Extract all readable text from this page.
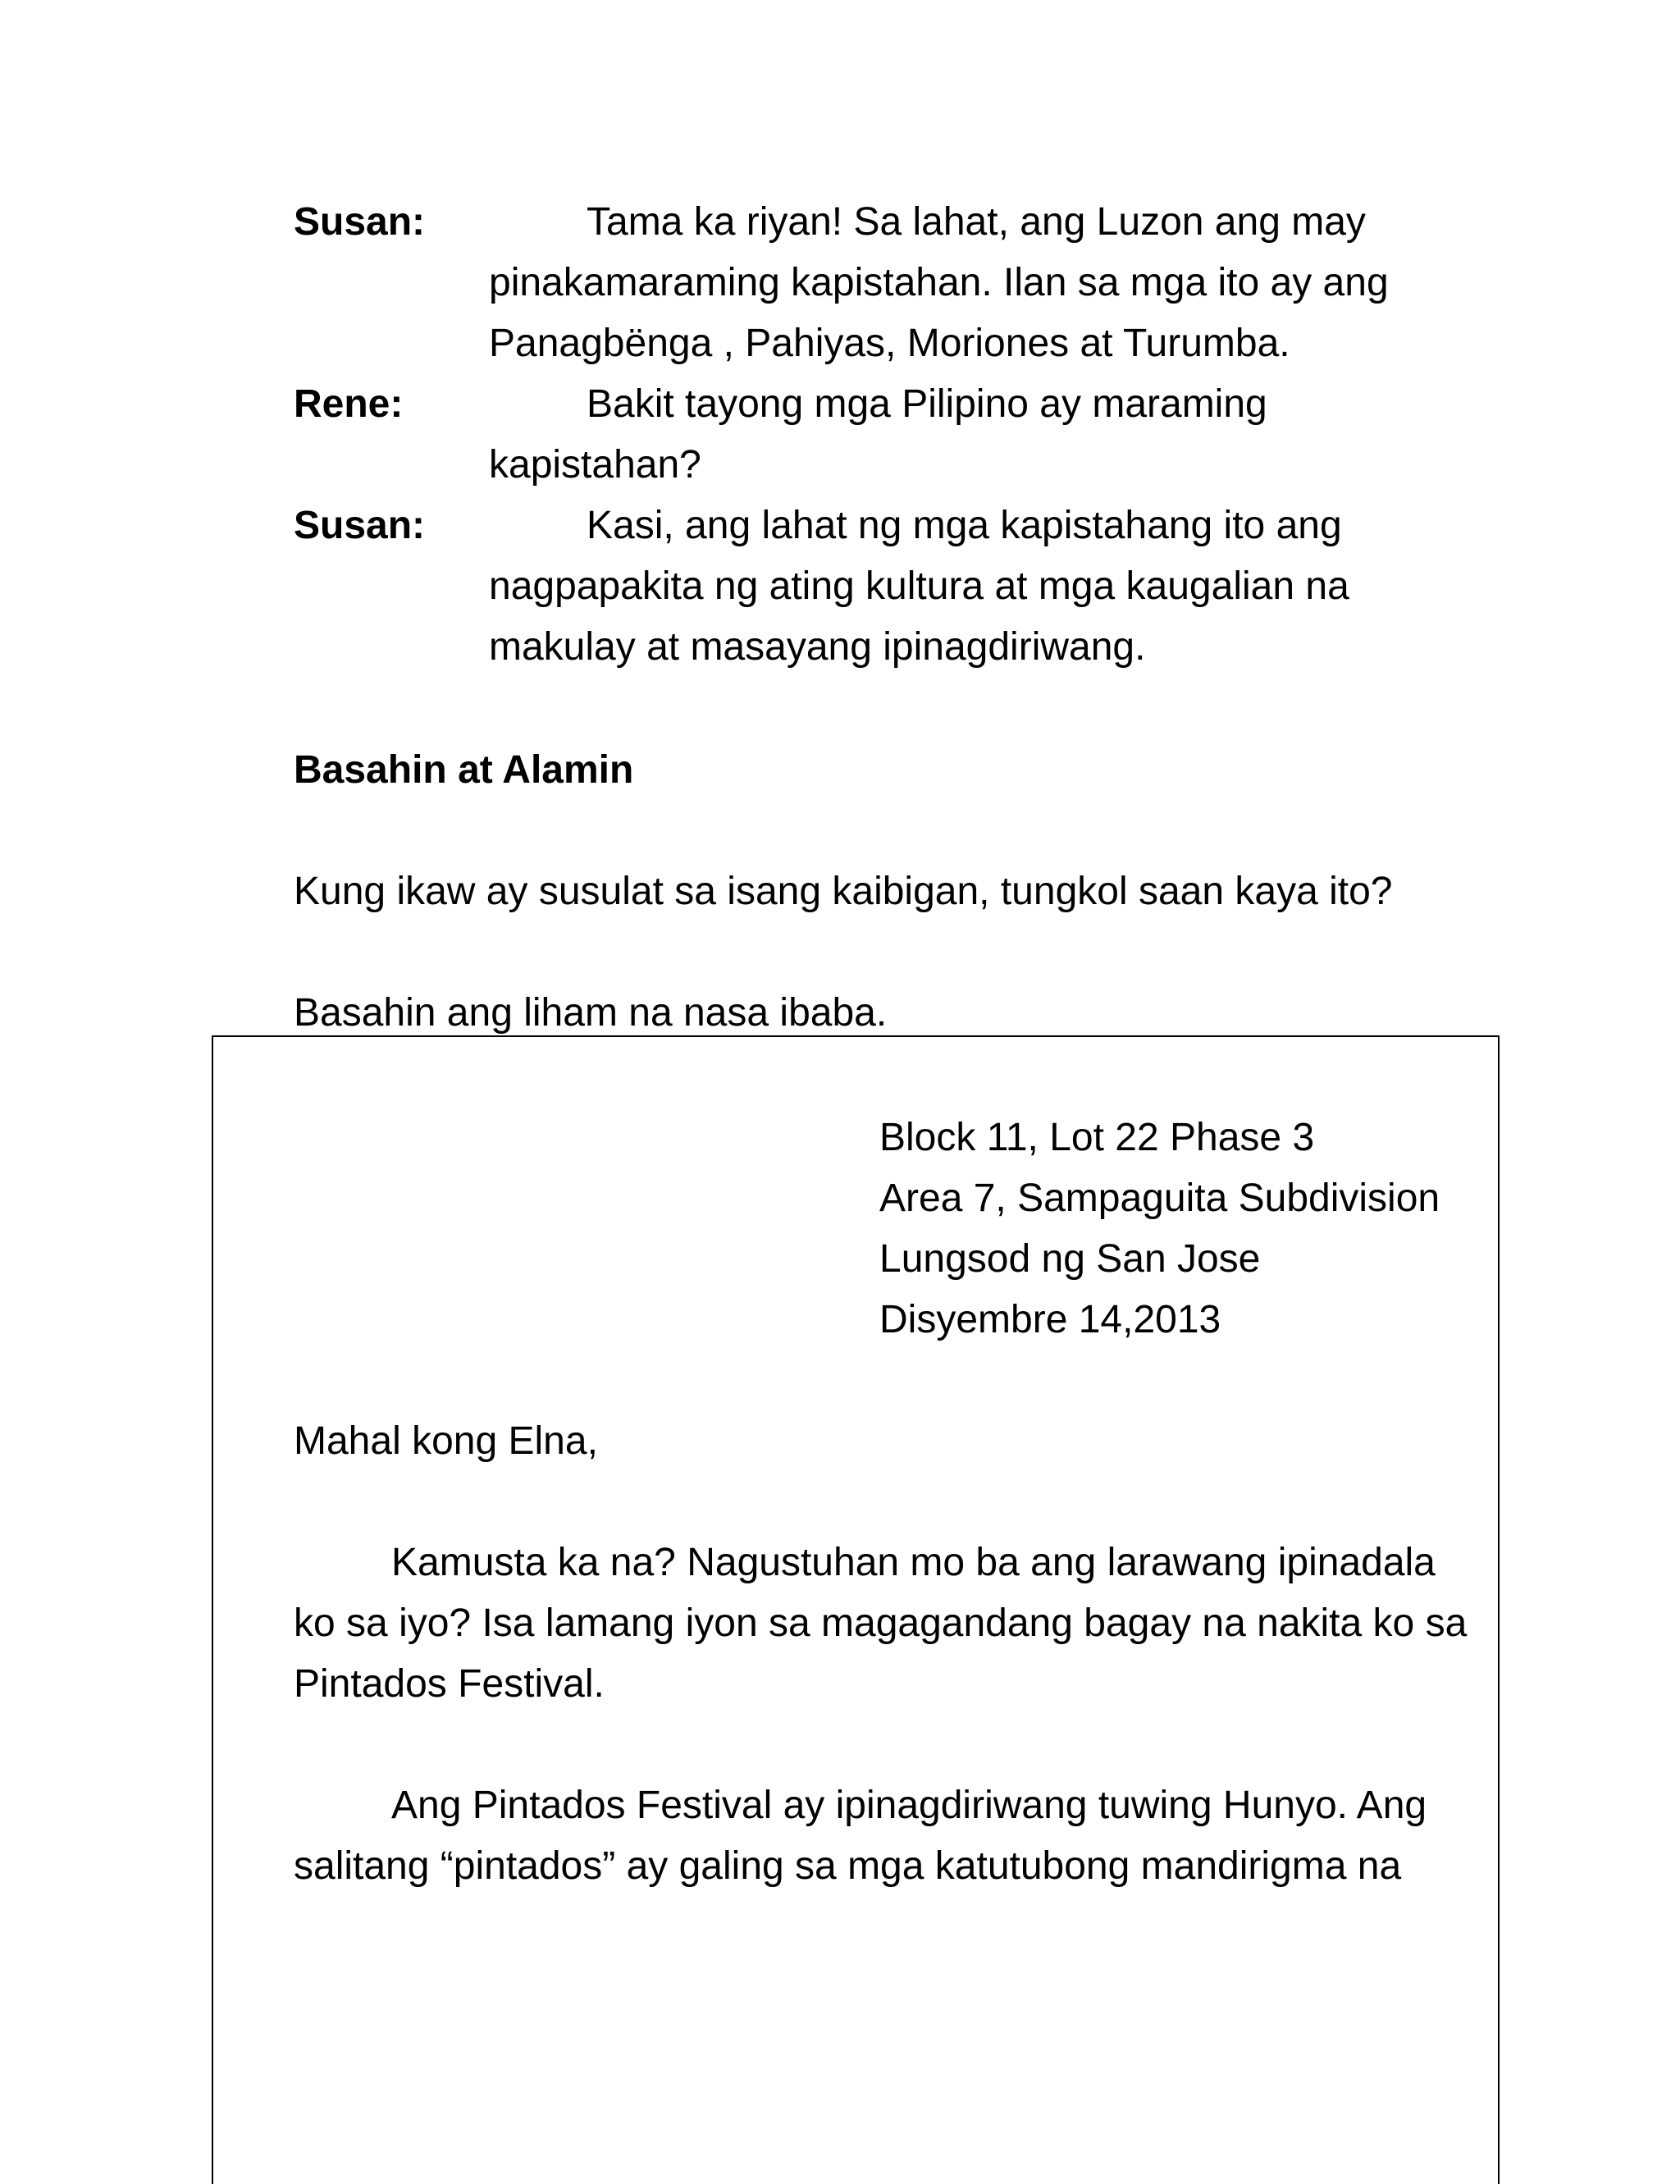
Susan:	Tama ka riyan! Sa lahat, ang Luzon ang may

pinakamaraming kapistahan. Ilan sa mga ito ay ang

Panagbënga , Pahiyas, Moriones at Turumba.

Rene:	Bakit tayong mga Pilipino ay maraming

kapistahan?

Susan:	Kasi, ang lahat ng mga kapistahang ito ang

nagpapakita ng ating kultura at mga kaugalian na

makulay at masayang ipinagdiriwang.

Basahin at Alamin

Kung ikaw ay susulat sa isang kaibigan, tungkol saan kaya ito?

Basahin ang liham na nasa ibaba.

Block 11, Lot 22 Phase 3

Area 7, Sampaguita Subdivision

Lungsod ng San Jose

Disyembre 14,2013

Mahal kong Elna,

Kamusta ka na? Nagustuhan mo ba ang larawang ipinadala

ko sa iyo? Isa lamang iyon sa magagandang bagay na nakita ko sa

Pintados Festival.

Ang Pintados Festival ay ipinagdiriwang tuwing Hunyo. Ang

salitang “pintados” ay galing sa mga katutubong mandirigma na
